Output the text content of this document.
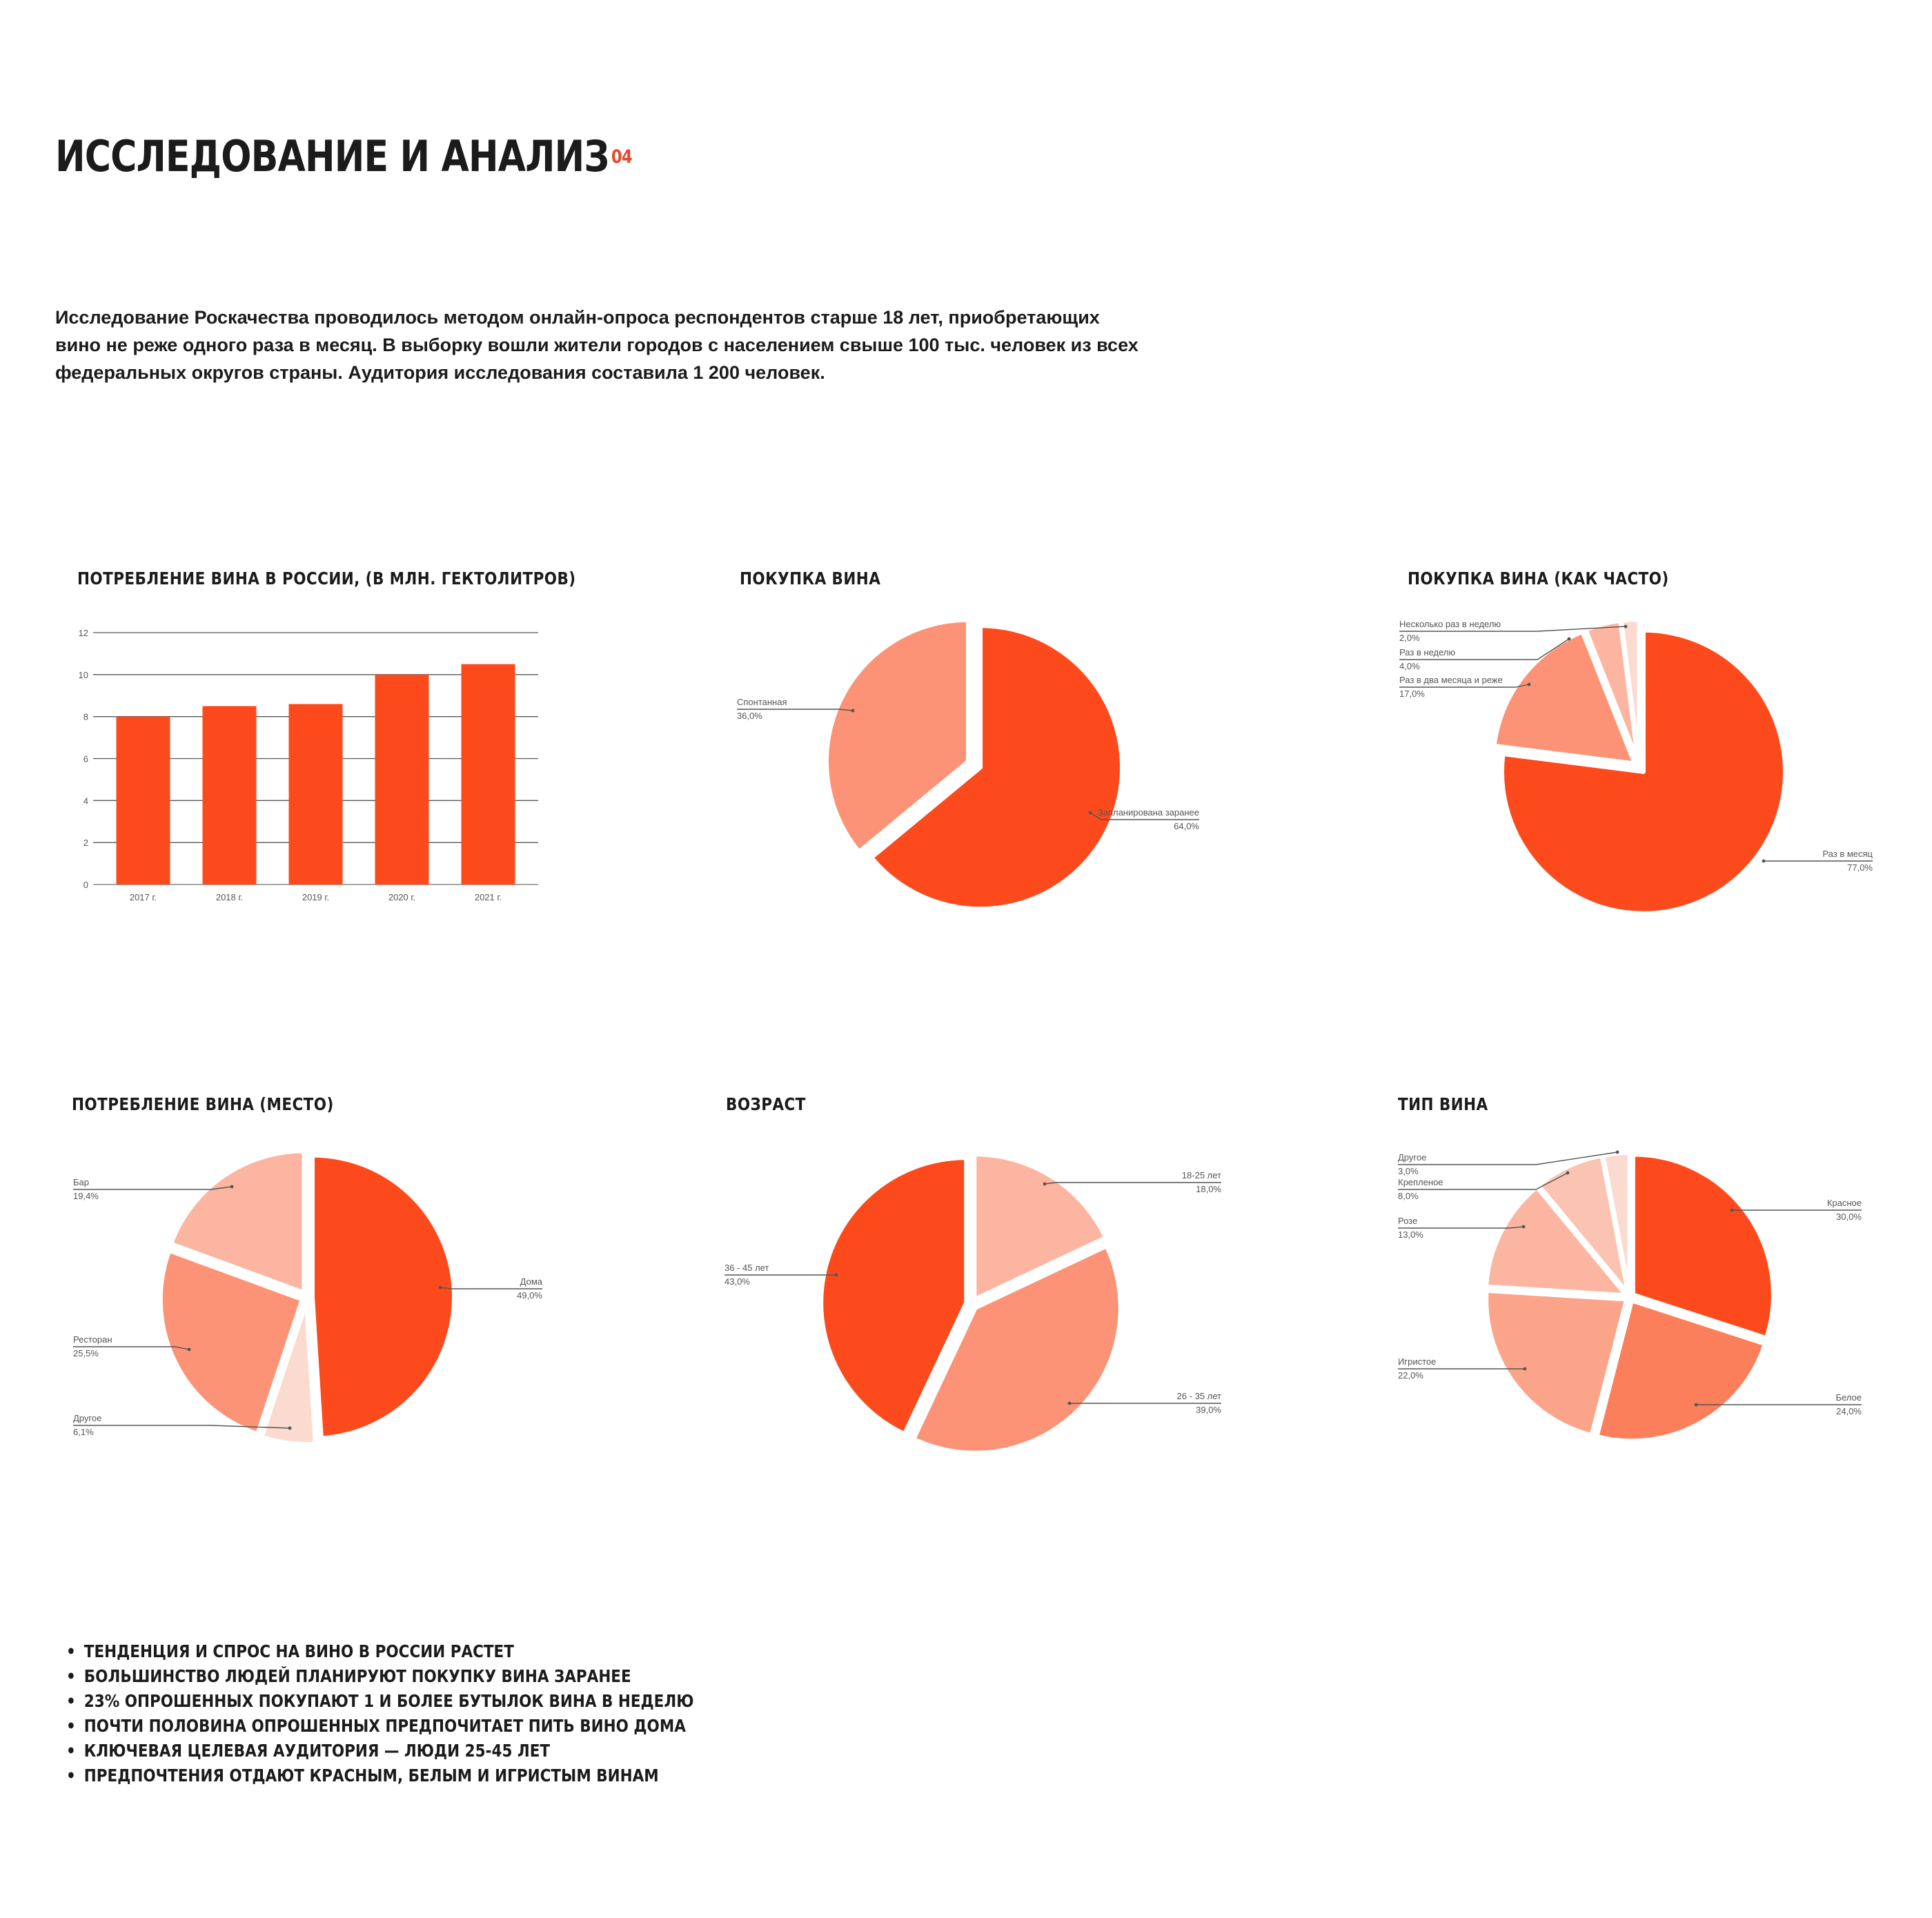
ИССЛЕДОВАНИЕ И АНАЛИЗ $^{04}$

Исследование Роскачества проводилось методом онлайн-опроса респондентов старше 18 лет, приобретающих вино не реже одного раза в месяц. В выборку вошли жители городов с населением свыше 100 тыс. человек из всех федеральных округов страны. Аудитория исследования составила 1 200 человек.

ПОТРЕБЛЕНИЕ ВИНА В РОССИИ, (В МЛН. ГЕКТОЛИТРОВ)
0
2
4
6
8
10
12
2017 г.	2018 г.	2019 г.	2020 г.	2021 г.
ПОКУПКА ВИНА
Запланирована заранее
64,0%
Спонтанная
36,0%
ПОКУПКА ВИНА (КАК ЧАСТО)
Раз в месяц
77,0%
Раз в два месяца и реже
17,0%
Раз в неделю
4,0%
Несколько раз в неделю
2,0%
ПОТРЕБЛЕНИЕ ВИНА (МЕСТО)
Дома
49,0%
Другое
6,1%
Ресторан
25,5%
Бар
19,4%
ВОЗРАСТ
18-25 лет
18,0%
26 - 35 лет
39,0%
36 - 45 лет
43,0%
ТИП ВИНА
Красное
30,0%
Белое
24,0%
Игристое
22,0%
Розе
13,0%
Крепленое
8,0%
Другое
3,0%
• ТЕНДЕНЦИЯ И СПРОС НА ВИНО В РОССИИ РАСТЕТ
• БОЛЬШИНСТВО ЛЮДЕЙ ПЛАНИРУЮТ ПОКУПКУ ВИНА ЗАРАНЕЕ
• 23% ОПРОШЕННЫХ ПОКУПАЮТ 1 И БОЛЕЕ БУТЫЛОК ВИНА В НЕДЕЛЮ
• ПОЧТИ ПОЛОВИНА ОПРОШЕННЫХ ПРЕДПОЧИТАЕТ ПИТЬ ВИНО ДОМА
• КЛЮЧЕВАЯ ЦЕЛЕВАЯ АУДИТОРИЯ — ЛЮДИ 25-45 ЛЕТ
• ПРЕДПОЧТЕНИЯ ОТДАЮТ КРАСНЫМ, БЕЛЫМ И ИГРИСТЫМ ВИНАМ
